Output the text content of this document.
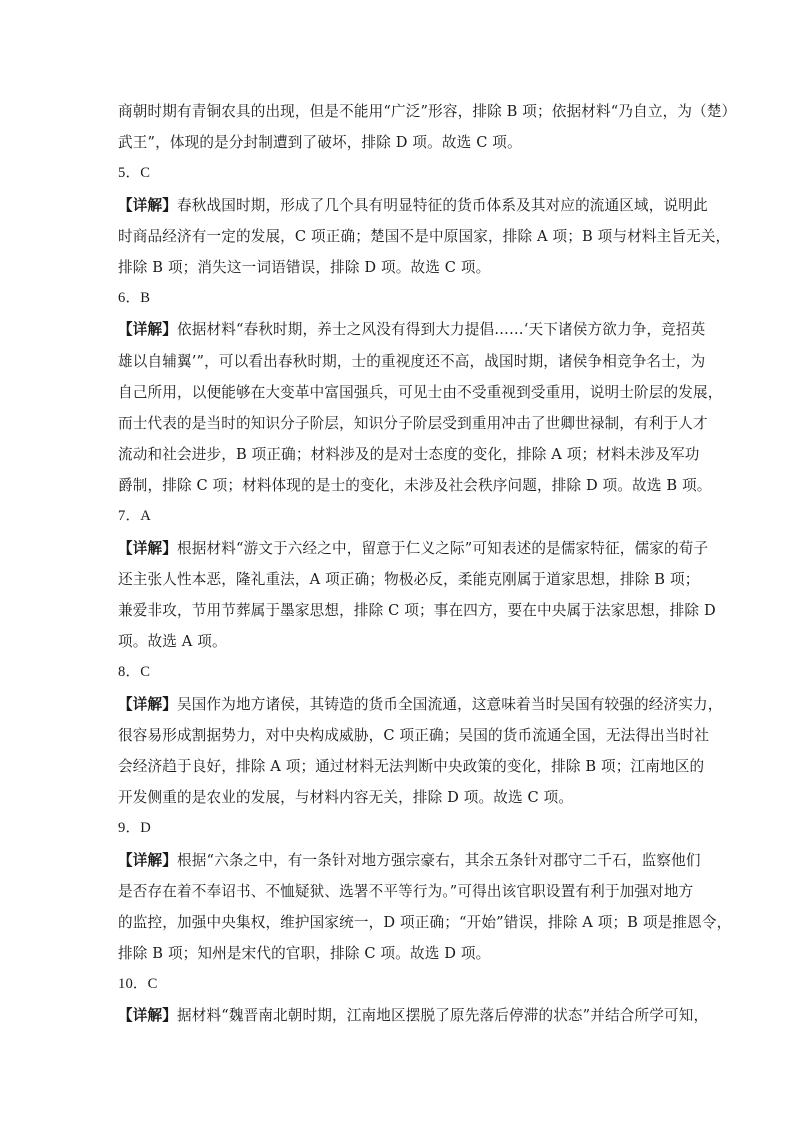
商朝时期有青铜农具的出现，但是不能用“广泛”形容，排除 B 项；依据材料“乃自立，为（楚）
武王”，体现的是分封制遭到了破坏，排除 D 项。故选 C 项。
5．C
【详解】春秋战国时期，形成了几个具有明显特征的货币体系及其对应的流通区域，说明此
时商品经济有一定的发展，C 项正确；楚国不是中原国家，排除 A 项；B 项与材料主旨无关，
排除 B 项；消失这一词语错误，排除 D 项。故选 C 项。
6．B
【详解】依据材料“春秋时期，养士之风没有得到大力提倡……‘天下诸侯方欲力争，竞招英
雄以自辅翼’”，可以看出春秋时期，士的重视度还不高，战国时期，诸侯争相竞争名士，为
自己所用，以便能够在大变革中富国强兵，可见士由不受重视到受重用，说明士阶层的发展，
而士代表的是当时的知识分子阶层，知识分子阶层受到重用冲击了世卿世禄制，有利于人才
流动和社会进步，B 项正确；材料涉及的是对士态度的变化，排除 A 项；材料未涉及军功
爵制，排除 C 项；材料体现的是士的变化，未涉及社会秩序问题，排除 D 项。故选 B 项。
7．A
【详解】根据材料“游文于六经之中，留意于仁义之际”可知表述的是儒家特征，儒家的荀子
还主张人性本恶，隆礼重法，A 项正确；物极必反，柔能克刚属于道家思想，排除 B 项；
兼爱非攻，节用节葬属于墨家思想，排除 C 项；事在四方，要在中央属于法家思想，排除 D
项。故选 A 项。
8．C
【详解】吴国作为地方诸侯，其铸造的货币全国流通，这意味着当时吴国有较强的经济实力，
很容易形成割据势力，对中央构成威胁，C 项正确；吴国的货币流通全国，无法得出当时社
会经济趋于良好，排除 A 项；通过材料无法判断中央政策的变化，排除 B 项；江南地区的
开发侧重的是农业的发展，与材料内容无关，排除 D 项。故选 C 项。
9．D
【详解】根据“六条之中，有一条针对地方强宗豪右，其余五条针对郡守二千石，监察他们
是否存在着不奉诏书、不恤疑狱、选署不平等行为。”可得出该官职设置有利于加强对地方
的监控，加强中央集权，维护国家统一，D 项正确；“开始”错误，排除 A 项；B 项是推恩令，
排除 B 项；知州是宋代的官职，排除 C 项。故选 D 项。
10．C
【详解】据材料“魏晋南北朝时期，江南地区摆脱了原先落后停滞的状态”并结合所学可知，
